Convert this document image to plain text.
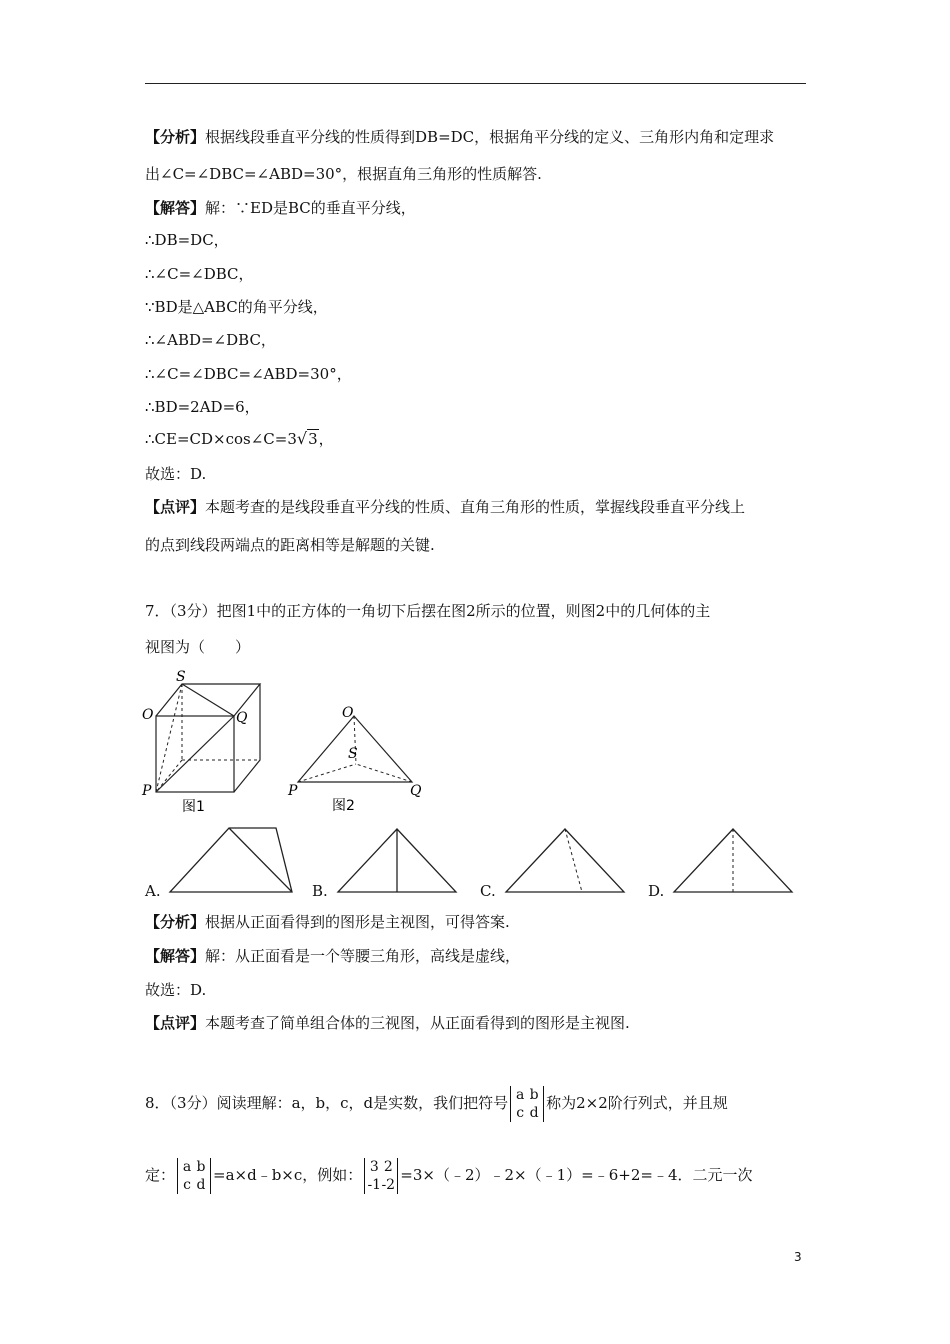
【分析】根据线段垂直平分线的性质得到DB=DC，根据角平分线的定义、三角形内角和定理求
出∠C=∠DBC=∠ABD=30°，根据直角三角形的性质解答.
【解答】解：∵ED是BC的垂直平分线，
∴DB=DC，
∴∠C=∠DBC，
∵BD是△ABC的角平分线，
∴∠ABD=∠DBC，
∴∠C=∠DBC=∠ABD=30°，
∴BD=2AD=6，
∴CE=CD×cos∠C=3√3，
故选：D.
【点评】本题考查的是线段垂直平分线的性质、直角三角形的性质，掌握线段垂直平分线上
的点到线段两端点的距离相等是解题的关键.
7．（3分）把图1中的正方体的一角切下后摆在图2所示的位置，则图2中的几何体的主
视图为（　　）
S
O	Q
P
图1
O
S
P	Q
图2
A.	B.	C.	D.
【分析】根据从正面看得到的图形是主视图，可得答案.
【解答】解：从正面看是一个等腰三角形，高线是虚线，
故选：D.
【点评】本题考查了简单组合体的三视图，从正面看得到的图形是主视图.
8．（3分）阅读理解：a，b，c，d是实数，我们把符号 a b
c d称为2×2阶行列式，并且规
定： a b
c d=a×d﹣b×c，例如： 3 2
-1-2=3×（﹣2）﹣2×（﹣1）=﹣6+2=﹣4．二元一次
3
